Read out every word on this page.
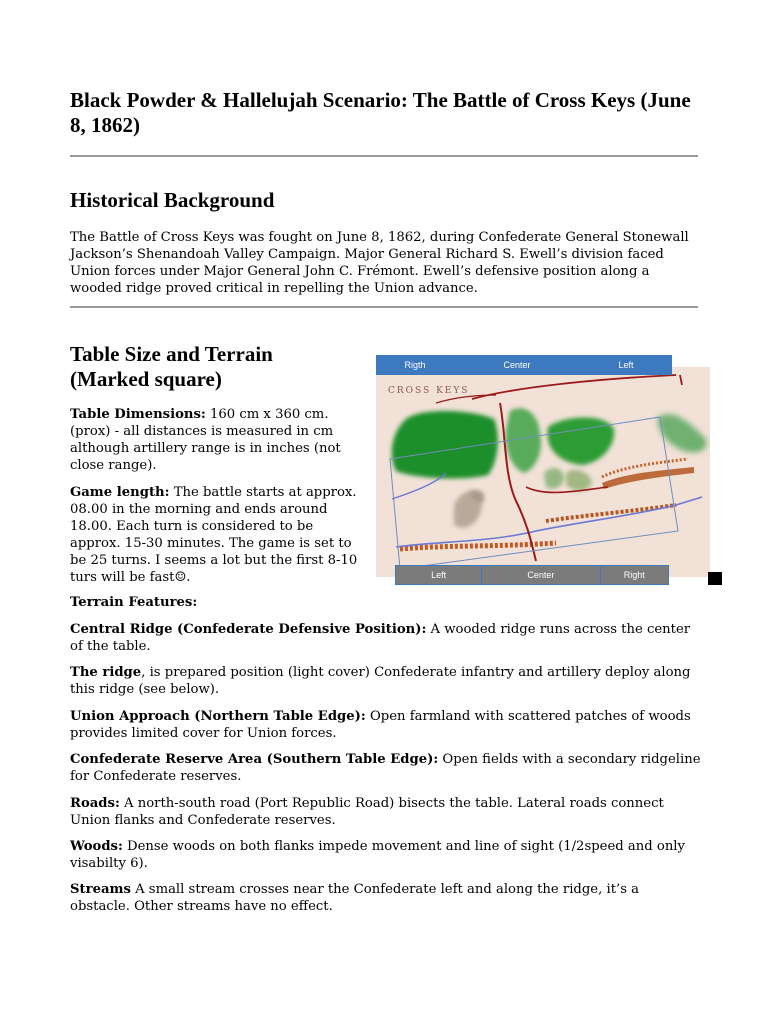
Black Powder & Hallelujah Scenario: The Battle of Cross Keys (June 8, 1862)
Historical Background
The Battle of Cross Keys was fought on June 8, 1862, during Confederate General Stonewall Jackson’s Shenandoah Valley Campaign. Major General Richard S. Ewell’s division faced Union forces under Major General John C. Frémont. Ewell’s defensive position along a wooded ridge proved critical in repelling the Union advance.
Table Size and Terrain
(Marked square)
Table Dimensions: 160 cm x 360 cm. (prox) - all distances is measured in cm although artillery range is in inches (not close range).
Game length: The battle starts at approx. 08.00 in the morning and ends around 18.00. Each turn is considered to be approx. 15-30 minutes. The game is set to be 25 turns. I seems a lot but the first 8-10 turs will be fast☺.
Terrain Features:
Central Ridge (Confederate Defensive Position): A wooded ridge runs across the center of the table.
The ridge, is prepared position (light cover) Confederate infantry and artillery deploy along this ridge (see below).
Union Approach (Northern Table Edge): Open farmland with scattered patches of woods provides limited cover for Union forces.
Confederate Reserve Area (Southern Table Edge): Open fields with a secondary ridgeline for Confederate reserves.
Roads: A north-south road (Port Republic Road) bisects the table. Lateral roads connect Union flanks and Confederate reserves.
Woods: Dense woods on both flanks impede movement and line of sight (1/2speed and only visabilty 6).
Streams A small stream crosses near the Confederate left and along the ridge, it’s a obstacle. Other streams have no effect.
CROSS KEYS
Rigth	Center	Left
Left	Center	Right
